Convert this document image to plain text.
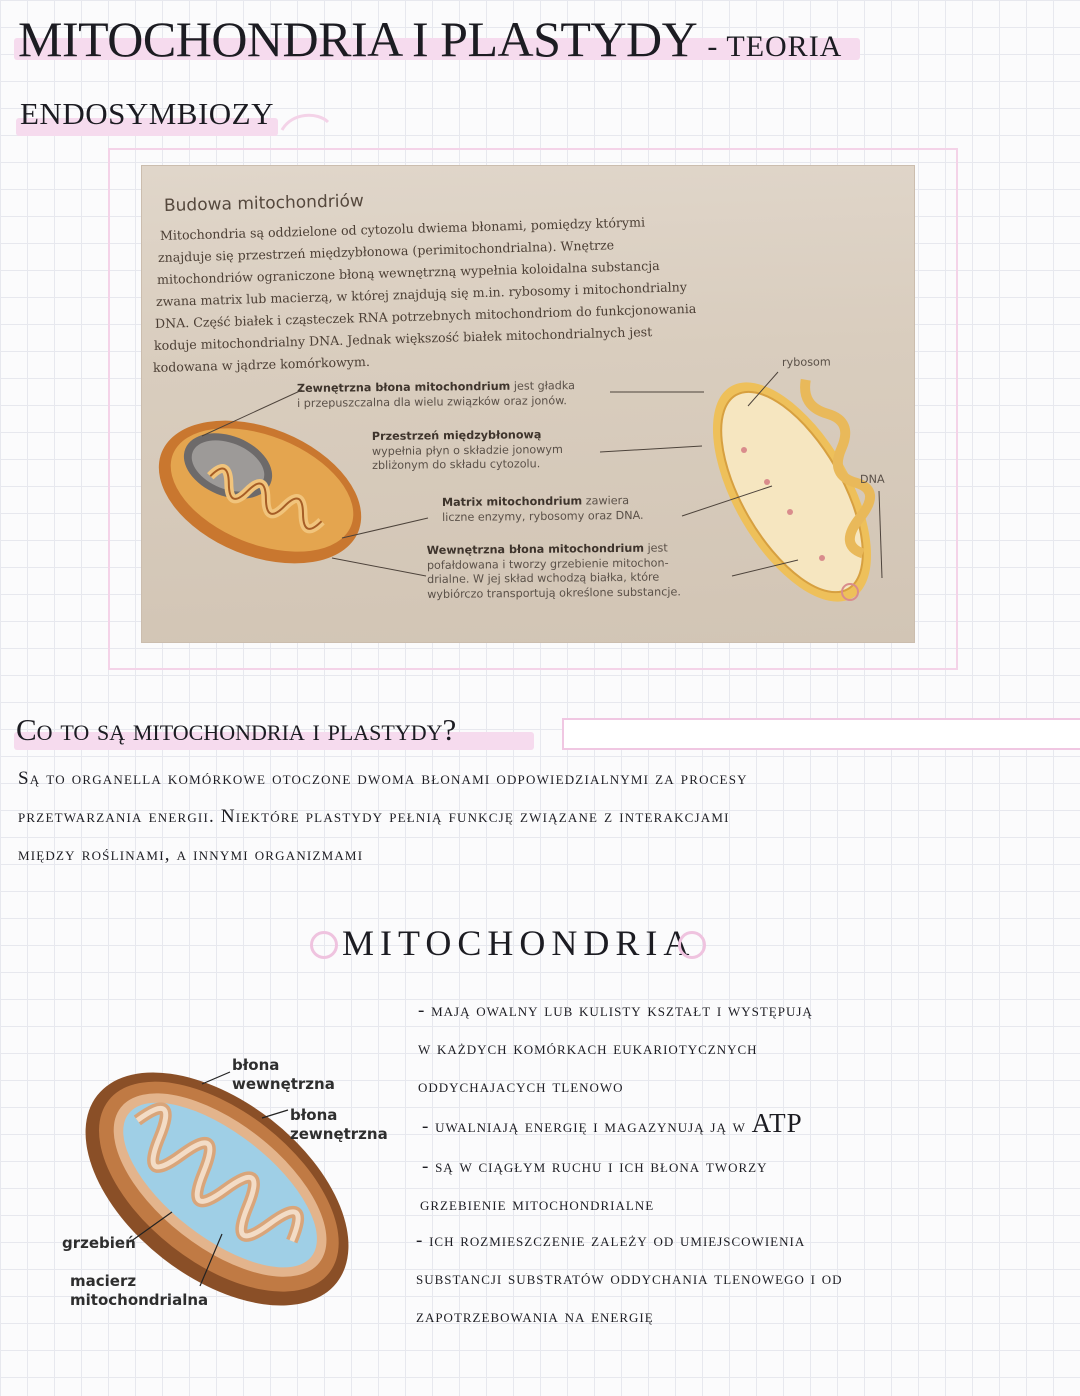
MITOCHONDRIA I PLASTYDY - TEORIA
ENDOSYMBIOZY
Budowa mitochondriów
Mitochondria są oddzielone od cytozolu dwiema błonami, pomiędzy którymi
znajduje się przestrzeń międzybłonowa (perimitochondrialna). Wnętrze
mitochondriów ograniczone błoną wewnętrzną wypełnia koloidalna substancja
zwana matrix lub macierzą, w której znajdują się m.in. rybosomy i mitochondrialny
DNA. Część białek i cząsteczek RNA potrzebnych mitochondriom do funkcjonowania
koduje mitochondrialny DNA. Jednak większość białek mitochondrialnych jest
kodowana w jądrze komórkowym.
Zewnętrzna błona mitochondrium jest gładka
i przepuszczalna dla wielu związków oraz jonów.
Przestrzeń międzybłonową
wypełnia płyn o składzie jonowym
zbliżonym do składu cytozolu.
Matrix mitochondrium zawiera
liczne enzymy, rybosomy oraz DNA.
Wewnętrzna błona mitochondrium jest
pofałdowana i tworzy grzebienie mitochon-
drialne. W jej skład wchodzą białka, które
wybiórczo transportują określone substancje.
rybosom
DNA
Co to są mitochondria i plastydy?
Są to organella komórkowe otoczone dwoma błonami odpowiedzialnymi za procesy
przetwarzania energii. Niektóre plastydy pełnią funkcję związane z interakcjami
między roślinami, a innymi organizmami
MITOCHONDRIA
błona
wewnętrzna
błona
zewnętrzna
grzebień
macierz
mitochondrialna
- mają owalny lub kulisty kształt i występują
w każdych komórkach eukariotycznych
oddychajacych tlenowo
- uwalniają energię i magazynują ją w ATP
- są w ciągłym ruchu i ich błona tworzy
grzebienie mitochondrialne
- ich rozmieszczenie zależy od umiejscowienia
substancji substratów oddychania tlenowego i od
zapotrzebowania na energię
